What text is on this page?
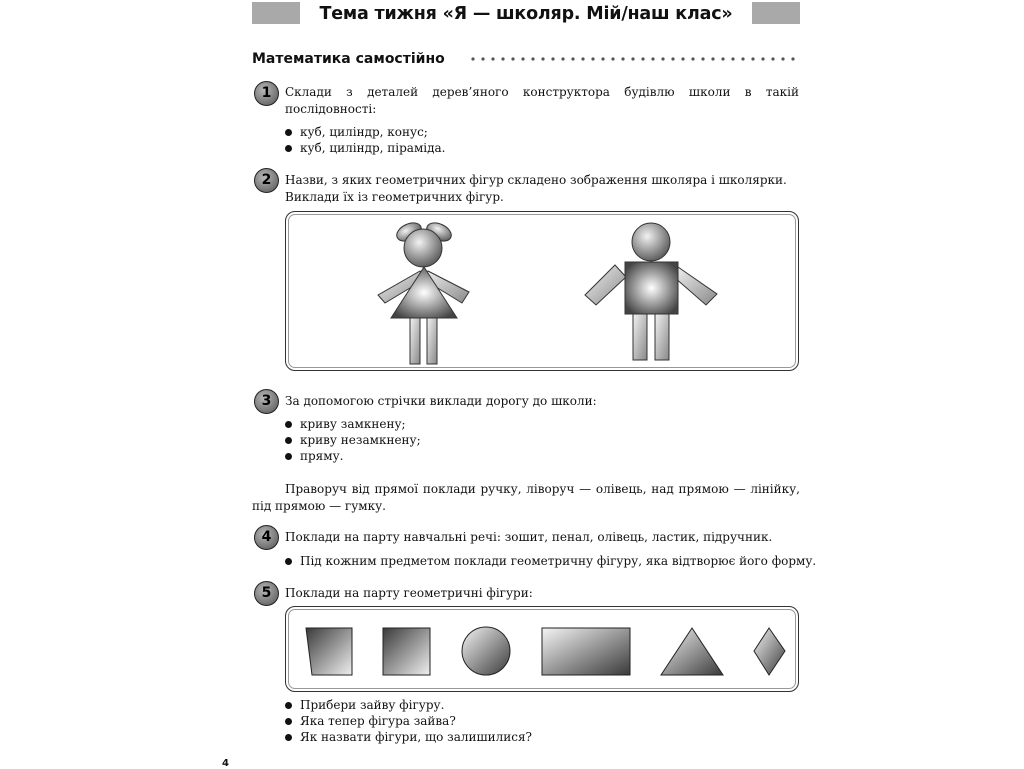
Тема тижня «Я — школяр. Мій/наш клас»
Математика самостійно
1	Склади з деталей дерев’яного конструктора будівлю школи в такій послідовності:
куб, циліндр, конус;
куб, циліндр, піраміда.
2	Назви, з яких геометричних фігур складено зображення школяра і школярки. Виклади їх із геометричних фігур.
3	За допомогою стрічки виклади дорогу до школи:
криву замкнену;
криву незамкнену;
пряму.
Праворуч від прямої поклади ручку, ліворуч — олівець, над прямою — лінійку, під прямою — гумку.
4	Поклади на парту навчальні речі: зошит, пенал, олівець, ластик, підручник.
Під кожним предметом поклади геометричну фігуру, яка відтворює його форму.
5	Поклади на парту геометричні фігури:
Прибери зайву фігуру.
Яка тепер фігура зайва?
Як назвати фігури, що залишилися?
4
